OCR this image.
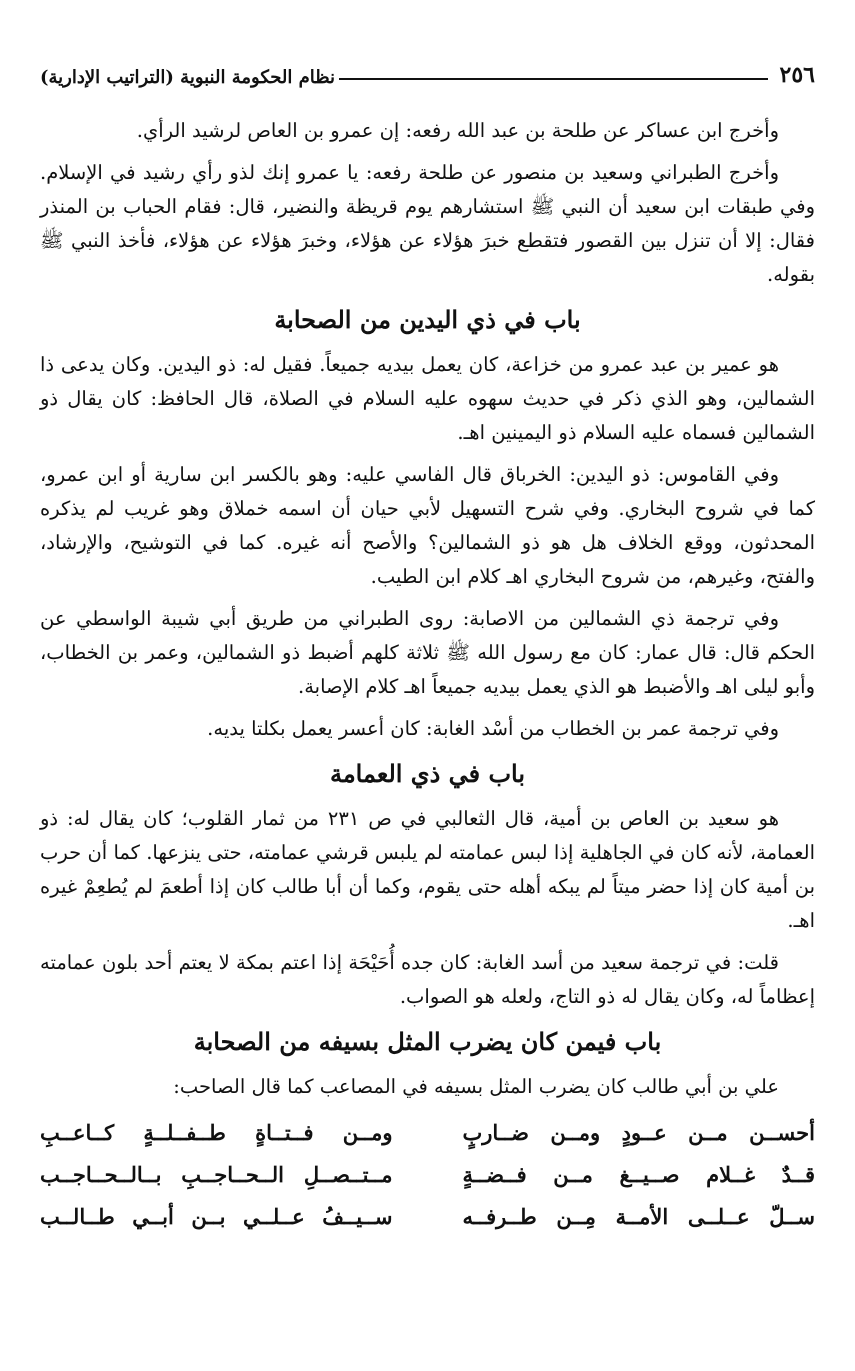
٢٥٦
نظام الحكومة النبوية (التراتيب الإدارية)

وأخرج ابن عساكر عن طلحة بن عبد الله رفعه: إن عمرو بن العاص لرشيد الرأي.

وأخرج الطبراني وسعيد بن منصور عن طلحة رفعه: يا عمرو إنك لذو رأي رشيد في الإسلام. وفي طبقات ابن سعيد أن النبي ﷺ استشارهم يوم قريظة والنضير، قال: فقام الحباب بن المنذر فقال: إلا أن تنزل بين القصور فتقطع خبرَ هؤلاء عن هؤلاء، وخبرَ هؤلاء عن هؤلاء، فأخذ النبي ﷺ بقوله.

باب في ذي اليدين من الصحابة

هو عمير بن عبد عمرو من خزاعة، كان يعمل بيديه جميعاً. فقيل له: ذو اليدين. وكان يدعى ذا الشمالين، وهو الذي ذكر في حديث سهوه عليه السلام في الصلاة، قال الحافظ: كان يقال ذو الشمالين فسماه عليه السلام ذو اليمينين اهـ.

وفي القاموس: ذو اليدين: الخرباق قال الفاسي عليه: وهو بالكسر ابن سارية أو ابن عمرو، كما في شروح البخاري. وفي شرح التسهيل لأبي حيان أن اسمه خملاق وهو غريب لم يذكره المحدثون، ووقع الخلاف هل هو ذو الشمالين؟ والأصح أنه غيره. كما في التوشيح، والإرشاد، والفتح، وغيرهم، من شروح البخاري اهـ كلام ابن الطيب.

وفي ترجمة ذي الشمالين من الاصابة: روى الطبراني من طريق أبي شيبة الواسطي عن الحكم قال: قال عمار: كان مع رسول الله ﷺ ثلاثة كلهم أضبط ذو الشمالين، وعمر بن الخطاب، وأبو ليلى اهـ والأضبط هو الذي يعمل بيديه جميعاً اهـ كلام الإصابة.

وفي ترجمة عمر بن الخطاب من أسْد الغابة: كان أعسر يعمل بكلتا يديه.

باب في ذي العمامة

هو سعيد بن العاص بن أمية، قال الثعالبي في ص ٢٣١ من ثمار القلوب؛ كان يقال له: ذو العمامة، لأنه كان في الجاهلية إذا لبس عمامته لم يلبس قرشي عمامته، حتى ينزعها. كما أن حرب بن أمية كان إذا حضر ميتاً لم يبكه أهله حتى يقوم، وكما أن أبا طالب كان إذا أطعمَ لم يُطعِمْ غيره اهـ.

قلت: في ترجمة سعيد من أسد الغابة: كان جده أُحَيْحَة إذا اعتم بمكة لا يعتم أحد بلون عمامته إعظاماً له، وكان يقال له ذو التاج، ولعله هو الصواب.

باب فيمن كان يضرب المثل بسيفه من الصحابة

علي بن أبي طالب كان يضرب المثل بسيفه في المصاعب كما قال الصاحب:

أحســن مــن عــودٍ ومــن ضــاربٍ
ومــن فــتــاةٍ طــفــلــةٍ كــاعــبِ
قــدٌ غــلام صــيــغ مــن فــضــةٍ
مــتــصــلِ الــحــاجــبِ بــالــحــاجــب
ســلّ عــلــى الأمــة مِــن طــرفــه
ســيــفُ عــلــي بــن أبــي طــالــب
